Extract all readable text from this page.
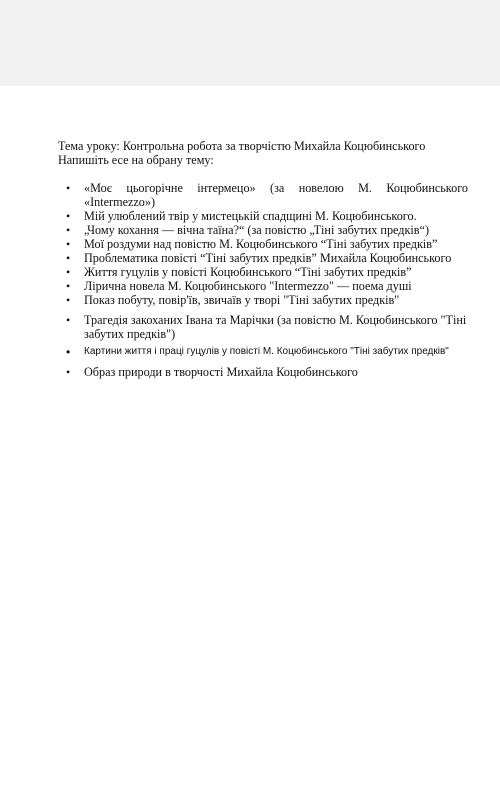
Тема уроку: Контрольна робота за творчістю Михайла Коцюбинського
Напишіть есе на обрану тему:
• «Моє цьогорічне інтермецо» (за новелою М. Коцюбинського «Intermezzo»)
• Мій улюблений твір у мистецькій спадщині М. Коцюбинського.
• „Чому кохання — вічна таїна?“ (за повістю „Тіні забутих предків“)
• Мої роздуми над повістю М. Коцюбинського “Тіні забутих предків”
• Проблематика повісті “Тіні забутих предків” Михайла Коцюбинського
• Життя гуцулів у повісті Коцюбинського “Тіні забутих предків”
• Лірична новела М. Коцюбинського "Intermezzo" — поема душі
• Показ побуту, повір'їв, звичаїв у творі "Тіні забутих предків"
• Трагедія закоханих Івана та Марічки (за повістю М. Коцюбинського "Тіні забутих предків")
• Картини життя і праці гуцулів у повісті М. Коцюбинського "Тіні забутих предків"
• Образ природи в творчості Михайла Коцюбинського
